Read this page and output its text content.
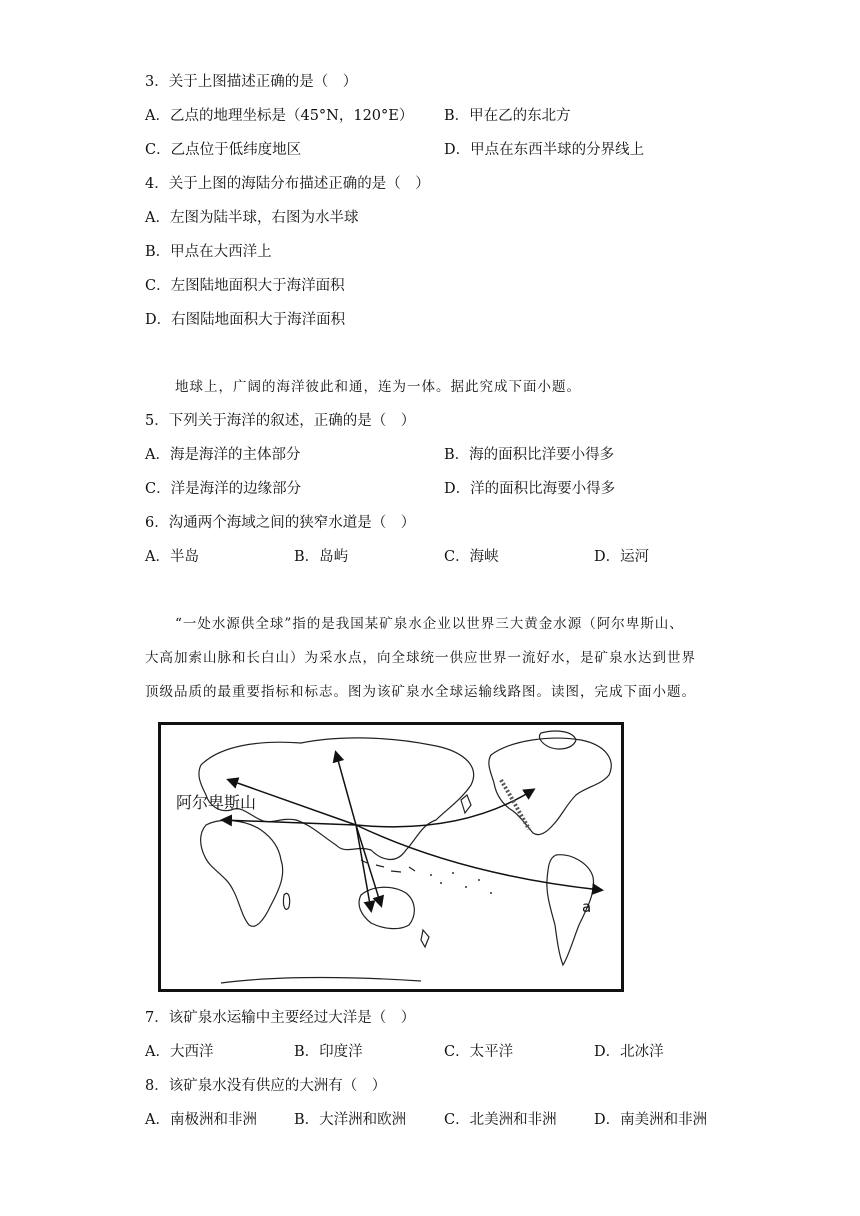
3．关于上图描述正确的是（　）
A．乙点的地理坐标是（45°N，120°E） B．甲在乙的东北方
C．乙点位于低纬度地区	D．甲点在东西半球的分界线上
4．关于上图的海陆分布描述正确的是（　）
A．左图为陆半球，右图为水半球
B．甲点在大西洋上
C．左图陆地面积大于海洋面积
D．右图陆地面积大于海洋面积
地球上，广阔的海洋彼此和通，连为一体。据此究成下面小题。
5．下列关于海洋的叙述，正确的是（　）
A．海是海洋的主体部分	B．海的面积比洋要小得多
C．洋是海洋的边缘部分	D．洋的面积比海要小得多
6．沟通两个海域之间的狭窄水道是（　）
A．半岛	B．岛屿	C．海峡	D．运河

“一处水源供全球”指的是我国某矿泉水企业以世界三大黄金水源（阿尔卑斯山、

大高加索山脉和长白山）为采水点，向全球统一供应世界一流好水，是矿泉水达到世界

顶级品质的最重要指标和标志。图为该矿泉水全球运输线路图。读图，完成下面小题。

阿尔卑斯山
a
7．该矿泉水运输中主要经过大洋是（　）
A．大西洋	B．印度洋	C．太平洋	D．北冰洋
8．该矿泉水没有供应的大洲有（　）
A．南极洲和非洲	B．大洋洲和欧洲	C．北美洲和非洲	D．南美洲和非洲
